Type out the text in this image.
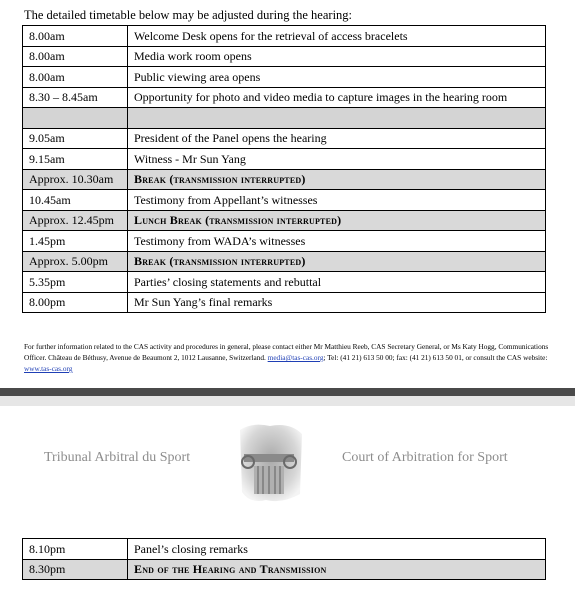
The detailed timetable below may be adjusted during the hearing:
8.00am	Welcome Desk opens for the retrieval of access bracelets
8.00am	Media work room opens
8.00am	Public viewing area opens
8.30 – 8.45am	Opportunity for photo and video media to capture images in the hearing room

9.05am	President of the Panel opens the hearing
9.15am	Witness - Mr Sun Yang
Approx. 10.30am	Break (transmission interrupted)
10.45am	Testimony from Appellant’s witnesses
Approx. 12.45pm	Lunch Break (transmission interrupted)
1.45pm	Testimony from WADA’s witnesses
Approx. 5.00pm	Break (transmission interrupted)
5.35pm	Parties’ closing statements and rebuttal
8.00pm	Mr Sun Yang’s final remarks
For further information related to the CAS activity and procedures in general, please contact either Mr Matthieu Reeb, CAS Secretary General, or Ms Katy Hogg, Communications Officer. Château de Béthusy, Avenue de Beaumont 2, 1012 Lausanne, Switzerland. media@tas-cas.org; Tel: (41 21) 613 50 00; fax: (41 21) 613 50 01, or consult the CAS website: www.tas-cas.org
Tribunal Arbitral du Sport	Court of Arbitration for Sport
8.10pm	Panel’s closing remarks
8.30pm	End of the Hearing and Transmission
